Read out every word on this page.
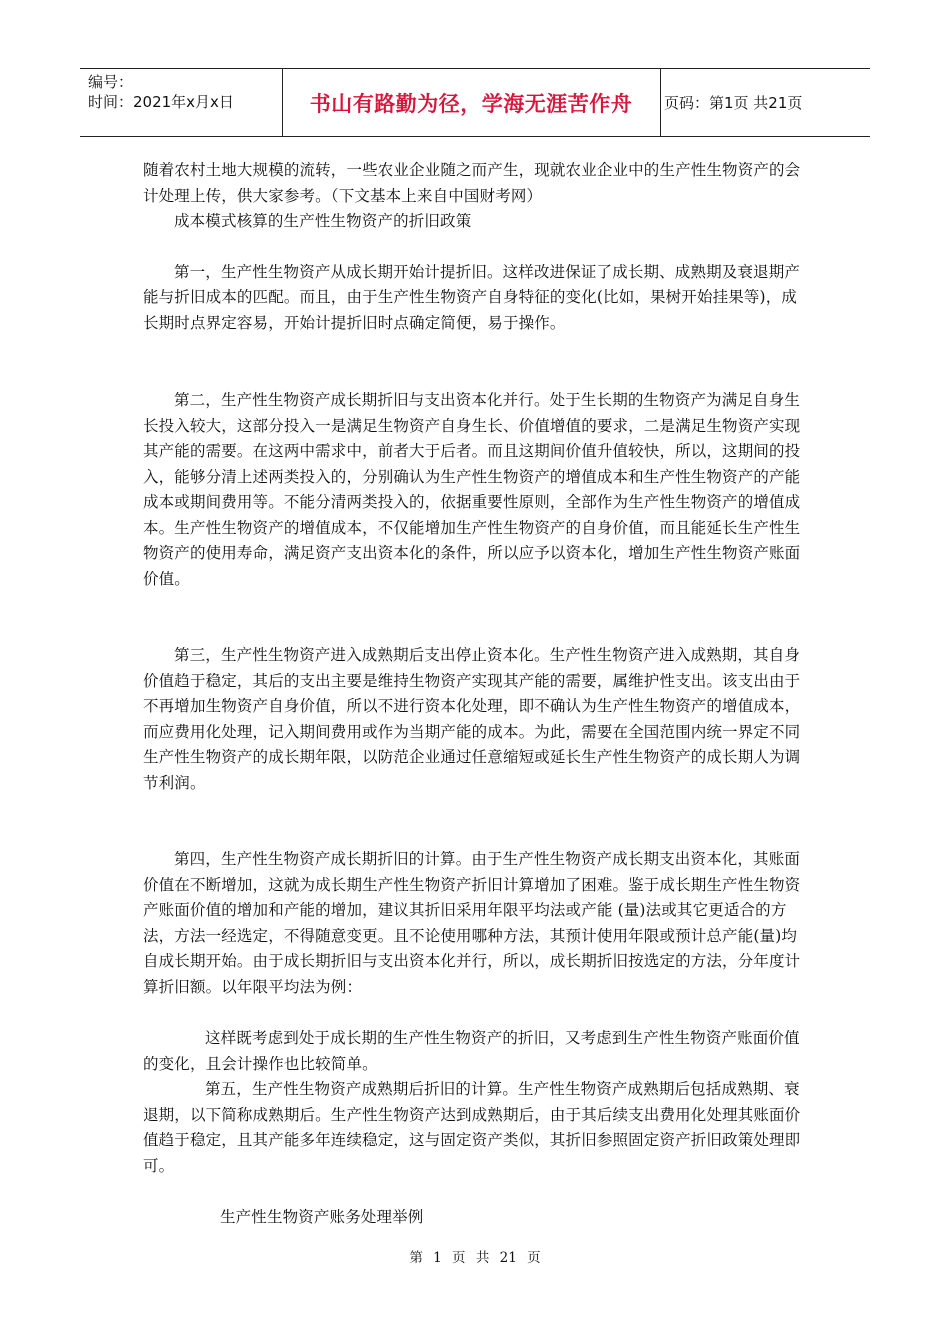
编号：
时间：2021年x月x日	书山有路勤为径，学海无涯苦作舟	页码：第1页 共21页

随着农村土地大规模的流转，一些农业企业随之而产生，现就农业企业中的生产性生物资产的会计处理上传，供大家参考。（下文基本上来自中国财考网）

成本模式核算的生产性生物资产的折旧政策

第一，生产性生物资产从成长期开始计提折旧。这样改进保证了成长期、成熟期及衰退期产能与折旧成本的匹配。而且，由于生产性生物资产自身特征的变化(比如，果树开始挂果等)，成长期时点界定容易，开始计提折旧时点确定简便，易于操作。

第二，生产性生物资产成长期折旧与支出资本化并行。处于生长期的生物资产为满足自身生长投入较大，这部分投入一是满足生物资产自身生长、价值增值的要求，二是满足生物资产实现其产能的需要。在这两中需求中，前者大于后者。而且这期间价值升值较快，所以，这期间的投入，能够分清上述两类投入的，分别确认为生产性生物资产的增值成本和生产性生物资产的产能成本或期间费用等。不能分清两类投入的，依据重要性原则，全部作为生产性生物资产的增值成本。生产性生物资产的增值成本，不仅能增加生产性生物资产的自身价值，而且能延长生产性生物资产的使用寿命，满足资产支出资本化的条件，所以应予以资本化，增加生产性生物资产账面价值。

第三，生产性生物资产进入成熟期后支出停止资本化。生产性生物资产进入成熟期，其自身价值趋于稳定，其后的支出主要是维持生物资产实现其产能的需要，属维护性支出。该支出由于不再增加生物资产自身价值，所以不进行资本化处理，即不确认为生产性生物资产的增值成本，而应费用化处理，记入期间费用或作为当期产能的成本。为此，需要在全国范围内统一界定不同生产性生物资产的成长期年限，以防范企业通过任意缩短或延长生产性生物资产的成长期人为调节利润。

第四，生产性生物资产成长期折旧的计算。由于生产性生物资产成长期支出资本化，其账面价值在不断增加，这就为成长期生产性生物资产折旧计算增加了困难。鉴于成长期生产性生物资产账面价值的增加和产能的增加，建议其折旧采用年限平均法或产能 (量)法或其它更适合的方法，方法一经选定，不得随意变更。且不论使用哪种方法，其预计使用年限或预计总产能(量)均自成长期开始。由于成长期折旧与支出资本化并行，所以，成长期折旧按选定的方法，分年度计算折旧额。以年限平均法为例：

这样既考虑到处于成长期的生产性生物资产的折旧，又考虑到生产性生物资产账面价值的变化，且会计操作也比较简单。

第五，生产性生物资产成熟期后折旧的计算。生产性生物资产成熟期后包括成熟期、衰退期，以下简称成熟期后。生产性生物资产达到成熟期后，由于其后续支出费用化处理其账面价值趋于稳定，且其产能多年连续稳定，这与固定资产类似，其折旧参照固定资产折旧政策处理即可。

生产性生物资产账务处理举例

第 1 页 共 21 页
